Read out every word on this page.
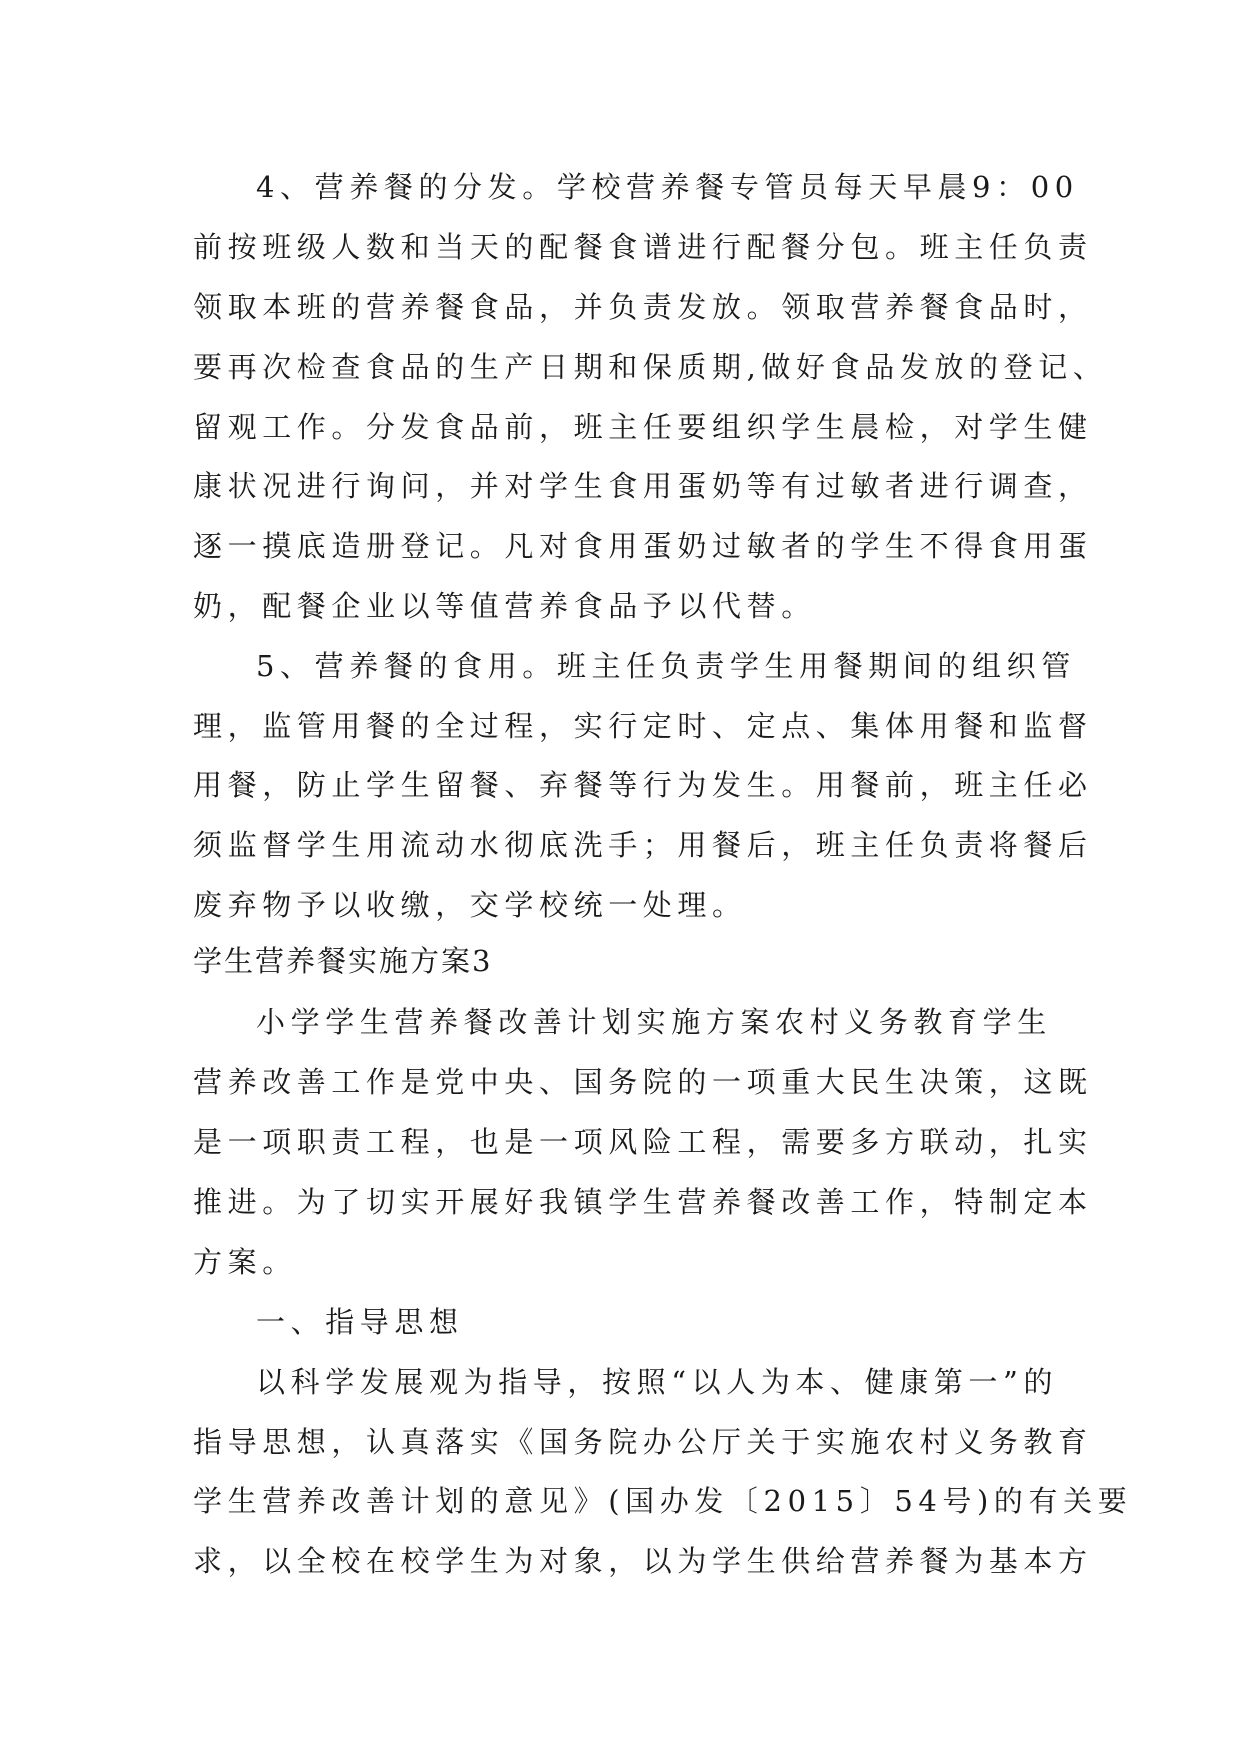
4、营养餐的分发。学校营养餐专管员每天早晨9：00
前按班级人数和当天的配餐食谱进行配餐分包。班主任负责
领取本班的营养餐食品，并负责发放。领取营养餐食品时，
要再次检查食品的生产日期和保质期,做好食品发放的登记、
留观工作。分发食品前，班主任要组织学生晨检，对学生健
康状况进行询问，并对学生食用蛋奶等有过敏者进行调查，
逐一摸底造册登记。凡对食用蛋奶过敏者的学生不得食用蛋
奶，配餐企业以等值营养食品予以代替。
5、营养餐的食用。班主任负责学生用餐期间的组织管
理，监管用餐的全过程，实行定时、定点、集体用餐和监督
用餐，防止学生留餐、弃餐等行为发生。用餐前，班主任必
须监督学生用流动水彻底洗手；用餐后，班主任负责将餐后
废弃物予以收缴，交学校统一处理。
学生营养餐实施方案3
小学学生营养餐改善计划实施方案农村义务教育学生
营养改善工作是党中央、国务院的一项重大民生决策，这既
是一项职责工程，也是一项风险工程，需要多方联动，扎实
推进。为了切实开展好我镇学生营养餐改善工作，特制定本
方案。
一、指导思想
以科学发展观为指导，按照“以人为本、健康第一”的
指导思想，认真落实《国务院办公厅关于实施农村义务教育
学生营养改善计划的意见》(国办发〔2015〕54号)的有关要
求，以全校在校学生为对象，以为学生供给营养餐为基本方
